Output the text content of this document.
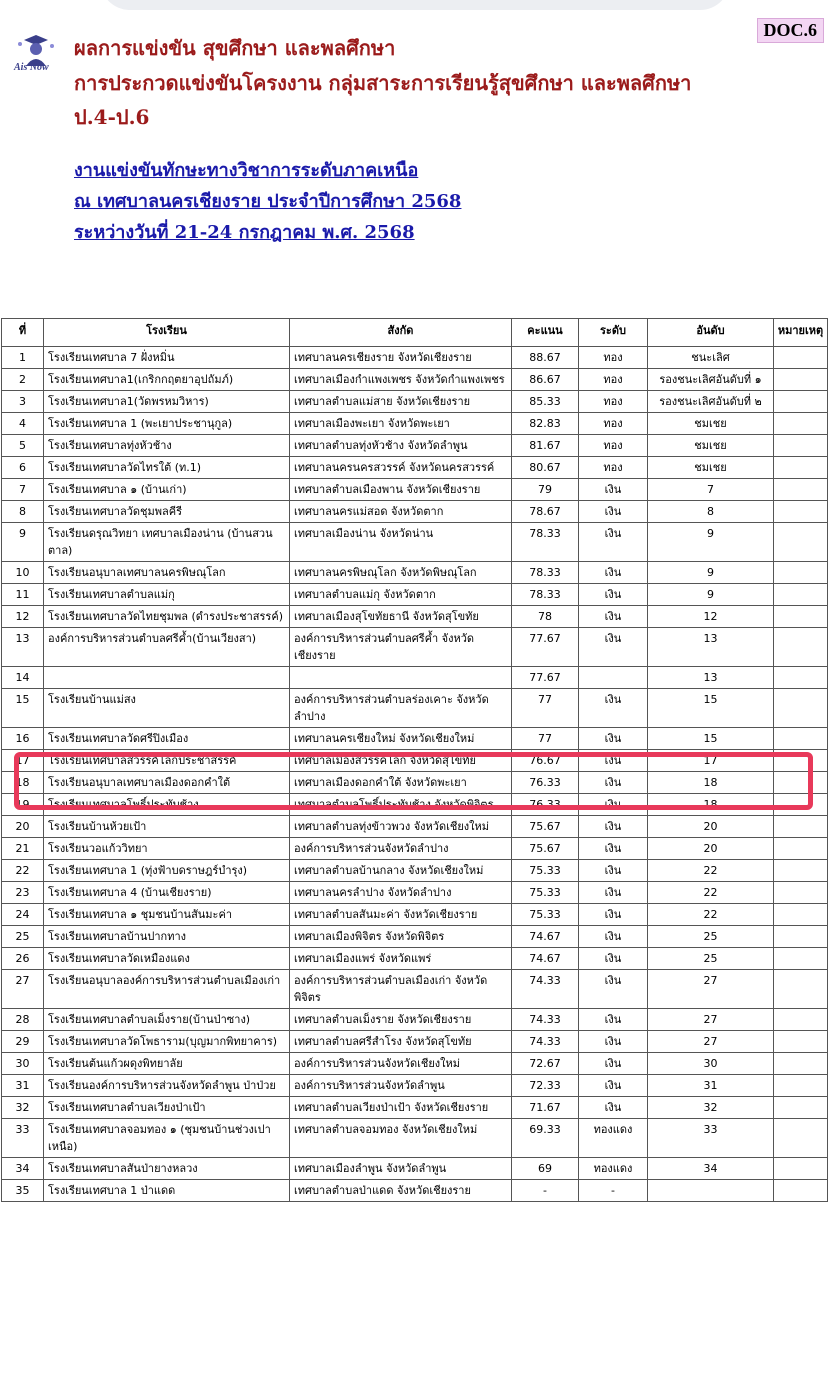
DOC.6
Ais Now
ผลการแข่งขัน สุขศึกษา และพลศึกษา
การประกวดแข่งขันโครงงาน กลุ่มสาระการเรียนรู้สุขศึกษา และพลศึกษา
ป.4-ป.6
งานแข่งขันทักษะทางวิชาการระดับภาคเหนือ
ณ เทศบาลนครเชียงราย ประจำปีการศึกษา 2568
ระหว่างวันที่ 21-24 กรกฎาคม พ.ศ. 2568
ที่	โรงเรียน	สังกัด	คะแนน	ระดับ	อันดับ	หมายเหตุ
1	โรงเรียนเทศบาล 7 ฝั่งหมิ่น	เทศบาลนครเชียงราย จังหวัดเชียงราย	88.67	ทอง	ชนะเลิศ	
2	โรงเรียนเทศบาล1(เกริกกฤตยาอุปถัมภ์)	เทศบาลเมืองกำแพงเพชร จังหวัดกำแพงเพชร	86.67	ทอง	รองชนะเลิศอันดับที่ ๑	
3	โรงเรียนเทศบาล1(วัดพรหมวิหาร)	เทศบาลตำบลแม่สาย จังหวัดเชียงราย	85.33	ทอง	รองชนะเลิศอันดับที่ ๒	
4	โรงเรียนเทศบาล 1 (พะเยาประชานุกูล)	เทศบาลเมืองพะเยา จังหวัดพะเยา	82.83	ทอง	ชมเชย	
5	โรงเรียนเทศบาลทุ่งหัวช้าง	เทศบาลตำบลทุ่งหัวช้าง จังหวัดลำพูน	81.67	ทอง	ชมเชย	
6	โรงเรียนเทศบาลวัดไทรใต้ (ท.1)	เทศบาลนครนครสวรรค์ จังหวัดนครสวรรค์	80.67	ทอง	ชมเชย	
7	โรงเรียนเทศบาล ๑ (บ้านเก่า)	เทศบาลตำบลเมืองพาน จังหวัดเชียงราย	79	เงิน	7	
8	โรงเรียนเทศบาลวัดชุมพลคีรี	เทศบาลนครแม่สอด จังหวัดตาก	78.67	เงิน	8	
9	โรงเรียนดรุณวิทยา เทศบาลเมืองน่าน (บ้านสวนตาล)	เทศบาลเมืองน่าน จังหวัดน่าน	78.33	เงิน	9	
10	โรงเรียนอนุบาลเทศบาลนครพิษณุโลก	เทศบาลนครพิษณุโลก จังหวัดพิษณุโลก	78.33	เงิน	9	
11	โรงเรียนเทศบาลตำบลแม่กุ	เทศบาลตำบลแม่กุ จังหวัดตาก	78.33	เงิน	9	
12	โรงเรียนเทศบาลวัดไทยชุมพล (ดำรงประชาสรรค์)	เทศบาลเมืองสุโขทัยธานี จังหวัดสุโขทัย	78	เงิน	12	
13	องค์การบริหารส่วนตำบลศรีค้ำ(บ้านเวียงสา)	องค์การบริหารส่วนตำบลศรีค้ำ จังหวัดเชียงราย	77.67	เงิน	13	
14			77.67		13	
15	โรงเรียนบ้านแม่สง	องค์การบริหารส่วนตำบลร่องเคาะ จังหวัดลำปาง	77	เงิน	15	
16	โรงเรียนเทศบาลวัดศรีปิงเมือง	เทศบาลนครเชียงใหม่ จังหวัดเชียงใหม่	77	เงิน	15	
17	โรงเรียนเทศบาลสวรรค์โลกประชาสรรค์	เทศบาลเมืองสวรรคโลก จังหวัดสุโขทัย	76.67	เงิน	17	
18	โรงเรียนอนุบาลเทศบาลเมืองดอกคำใต้	เทศบาลเมืองดอกคำใต้ จังหวัดพะเยา	76.33	เงิน	18	
19	โรงเรียนเทศบาลโพธิ์ประทับช้าง	เทศบาลตำบลโพธิ์ประทับช้าง จังหวัดพิจิตร	76.33	เงิน	18	
20	โรงเรียนบ้านห้วยเป้า	เทศบาลตำบลทุ่งข้าวพวง จังหวัดเชียงใหม่	75.67	เงิน	20	
21	โรงเรียนวอแก้ววิทยา	องค์การบริหารส่วนจังหวัดลำปาง	75.67	เงิน	20	
22	โรงเรียนเทศบาล 1 (ทุ่งฟ้าบดราษฎร์บำรุง)	เทศบาลตำบลบ้านกลาง จังหวัดเชียงใหม่	75.33	เงิน	22	
23	โรงเรียนเทศบาล 4 (บ้านเชียงราย)	เทศบาลนครลำปาง จังหวัดลำปาง	75.33	เงิน	22	
24	โรงเรียนเทศบาล ๑ ชุมชนบ้านสันมะค่า	เทศบาลตำบลสันมะค่า จังหวัดเชียงราย	75.33	เงิน	22	
25	โรงเรียนเทศบาลบ้านปากทาง	เทศบาลเมืองพิจิตร จังหวัดพิจิตร	74.67	เงิน	25	
26	โรงเรียนเทศบาลวัดเหมืองแดง	เทศบาลเมืองแพร่ จังหวัดแพร่	74.67	เงิน	25	
27	โรงเรียนอนุบาลองค์การบริหารส่วนตำบลเมืองเก่า	องค์การบริหารส่วนตำบลเมืองเก่า จังหวัดพิจิตร	74.33	เงิน	27	
28	โรงเรียนเทศบาลตำบลเม็งราย(บ้านป่าซาง)	เทศบาลตำบลเม็งราย จังหวัดเชียงราย	74.33	เงิน	27	
29	โรงเรียนเทศบาลวัดโพธาราม(บุญมากพิทยาคาร)	เทศบาลตำบลศรีสำโรง จังหวัดสุโขทัย	74.33	เงิน	27	
30	โรงเรียนต้นแก้วผดุงพิทยาลัย	องค์การบริหารส่วนจังหวัดเชียงใหม่	72.67	เงิน	30	
31	โรงเรียนองค์การบริหารส่วนจังหวัดลำพูน ป่าป่วย	องค์การบริหารส่วนจังหวัดลำพูน	72.33	เงิน	31	
32	โรงเรียนเทศบาลตำบลเวียงป่าเป้า	เทศบาลตำบลเวียงป่าเป้า จังหวัดเชียงราย	71.67	เงิน	32	
33	โรงเรียนเทศบาลจอมทอง ๑ (ชุมชนบ้านช่วงเปาเหนือ)	เทศบาลตำบลจอมทอง จังหวัดเชียงใหม่	69.33	ทองแดง	33	
34	โรงเรียนเทศบาลสันป่ายางหลวง	เทศบาลเมืองลำพูน จังหวัดลำพูน	69	ทองแดง	34	
35	โรงเรียนเทศบาล 1 ป่าแดด	เทศบาลตำบลป่าแดด จังหวัดเชียงราย	-	-		
